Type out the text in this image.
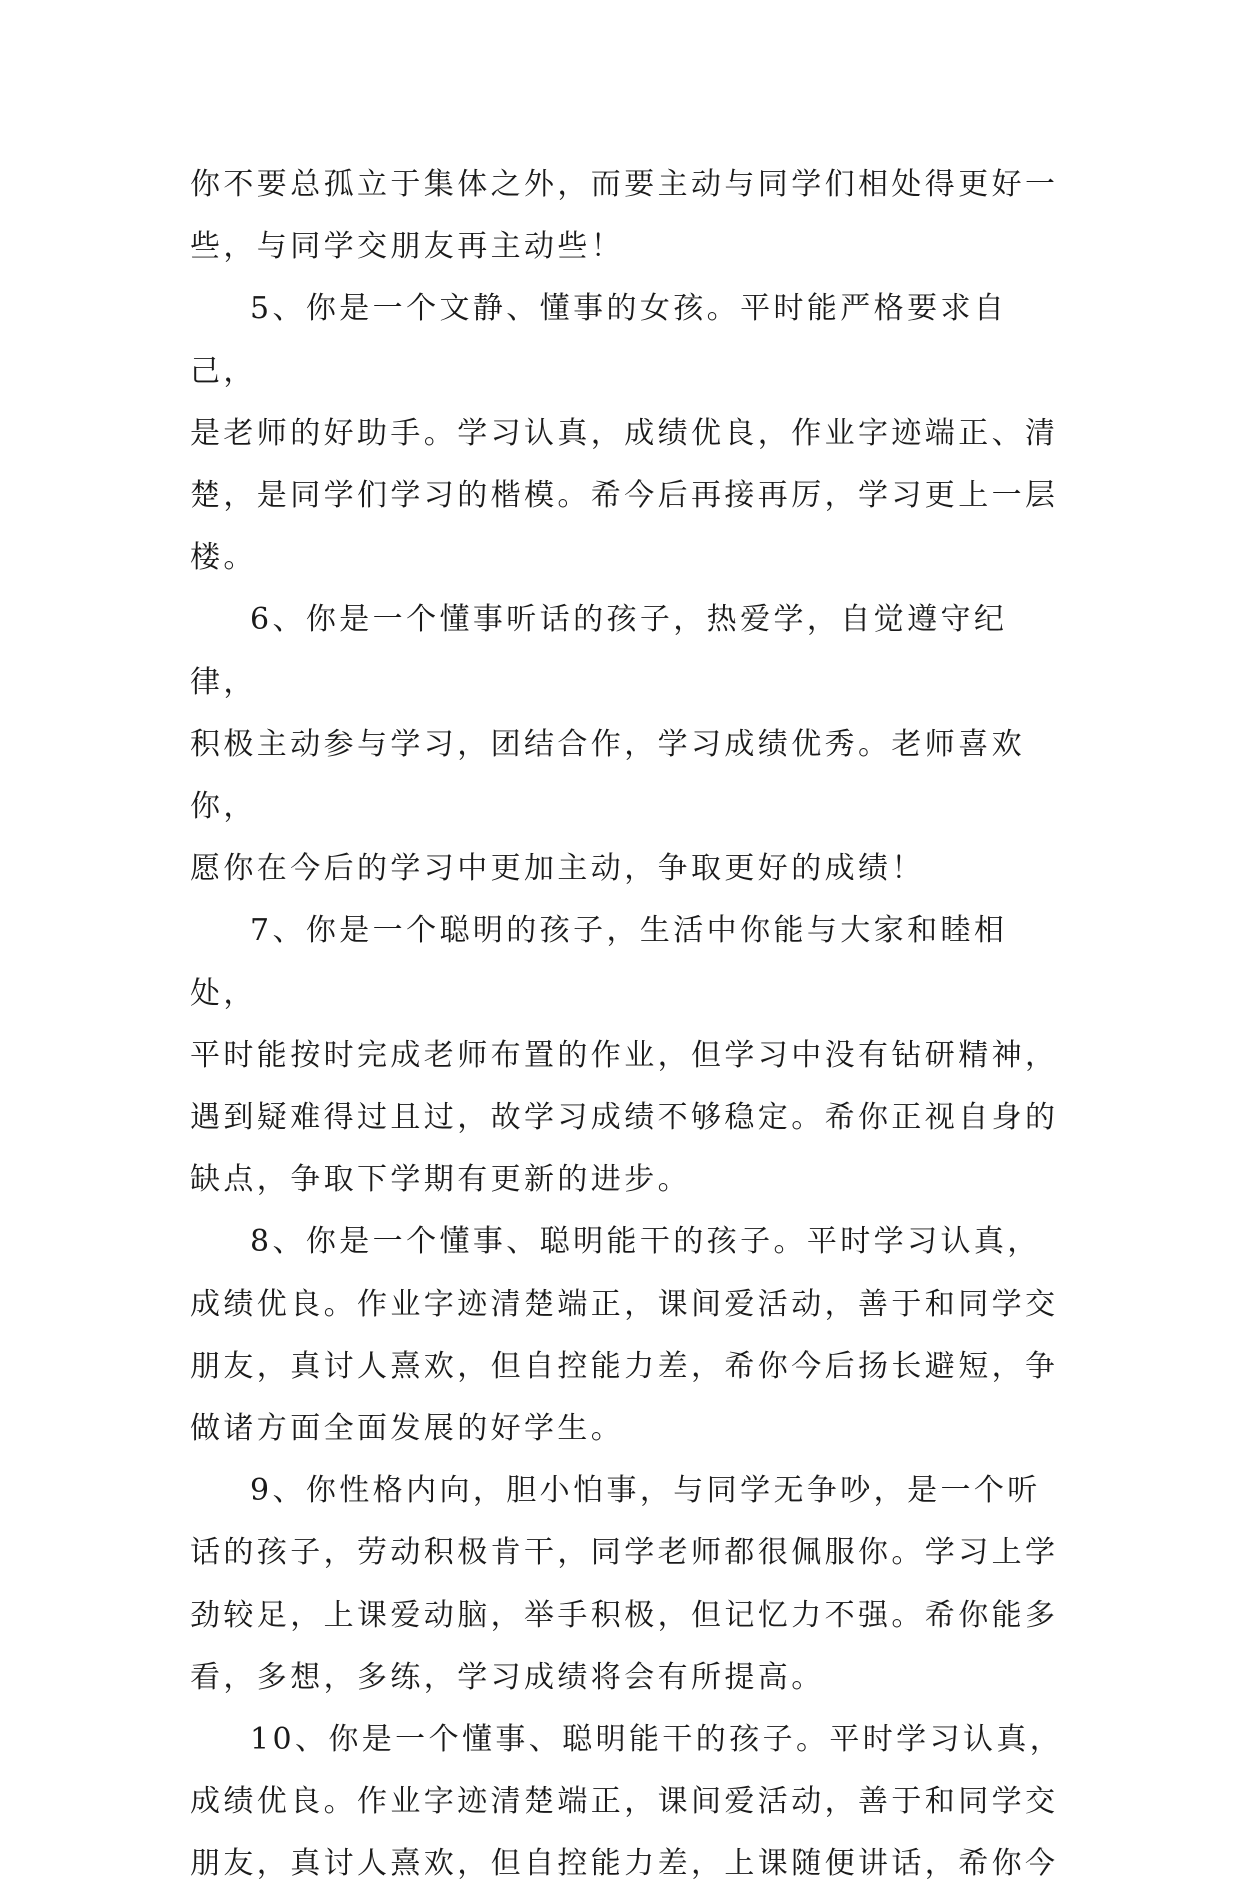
你不要总孤立于集体之外，而要主动与同学们相处得更好一
些，与同学交朋友再主动些！

5、你是一个文静、懂事的女孩。平时能严格要求自己，
是老师的好助手。学习认真，成绩优良，作业字迹端正、清
楚，是同学们学习的楷模。希今后再接再厉，学习更上一层
楼。

6、你是一个懂事听话的孩子，热爱学，自觉遵守纪律，
积极主动参与学习，团结合作，学习成绩优秀。老师喜欢你，
愿你在今后的学习中更加主动，争取更好的成绩！

7、你是一个聪明的孩子，生活中你能与大家和睦相处，
平时能按时完成老师布置的作业，但学习中没有钻研精神，
遇到疑难得过且过，故学习成绩不够稳定。希你正视自身的
缺点，争取下学期有更新的进步。

8、你是一个懂事、聪明能干的孩子。平时学习认真，
成绩优良。作业字迹清楚端正，课间爱活动，善于和同学交
朋友，真讨人熹欢，但自控能力差，希你今后扬长避短，争
做诸方面全面发展的好学生。

9、你性格内向，胆小怕事，与同学无争吵，是一个听
话的孩子，劳动积极肯干，同学老师都很佩服你。学习上学
劲较足，上课爱动脑，举手积极，但记忆力不强。希你能多
看，多想，多练，学习成绩将会有所提高。

10、你是一个懂事、聪明能干的孩子。平时学习认真，
成绩优良。作业字迹清楚端正，课间爱活动，善于和同学交
朋友，真讨人熹欢，但自控能力差，上课随便讲话，希你今
